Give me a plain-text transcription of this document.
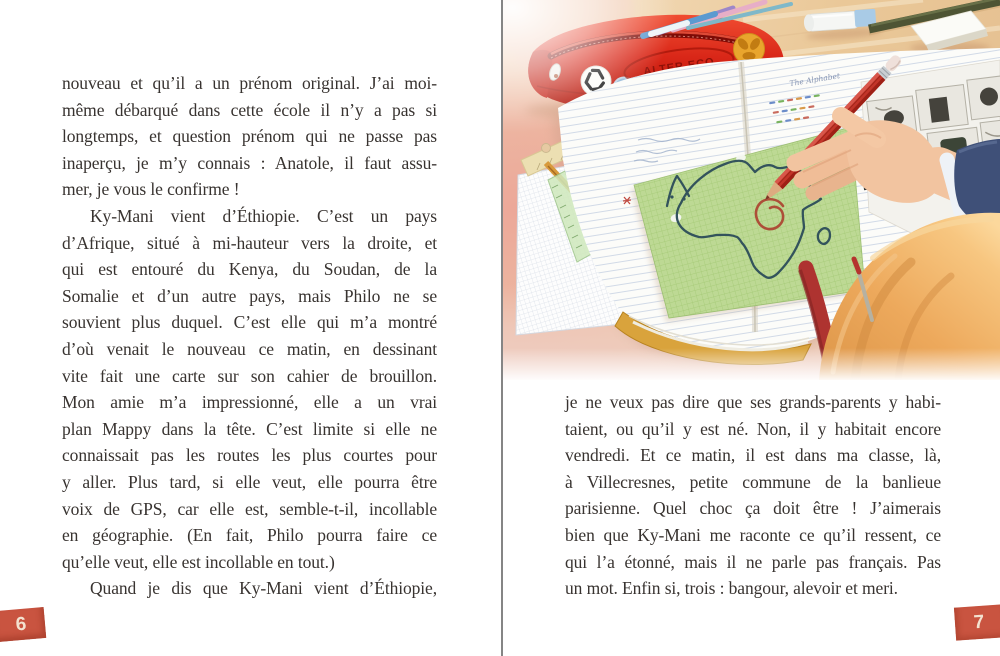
nouveau et qu’il a un prénom original. J’ai moi-
même débarqué dans cette école il n’y a pas si
longtemps, et question prénom qui ne passe pas
inaperçu, je m’y connais : Anatole, il faut assu-
mer, je vous le confirme !
Ky-Mani vient d’Éthiopie. C’est un pays
d’Afrique, situé à mi-hauteur vers la droite, et
qui est entouré du Kenya, du Soudan, de la
Somalie et d’un autre pays, mais Philo ne se
souvient plus duquel. C’est elle qui m’a montré
d’où venait le nouveau ce matin, en dessinant
vite fait une carte sur son cahier de brouillon.
Mon amie m’a impressionné, elle a un vrai
plan Mappy dans la tête. C’est limite si elle ne
connaissait pas les routes les plus courtes pour
y aller. Plus tard, si elle veut, elle pourra être
voix de GPS, car elle est, semble-t-il, incollable
en géographie. (En fait, Philo pourra faire ce
qu’elle veut, elle est incollable en tout.)
Quand je dis que Ky-Mani vient d’Éthiopie,
6
je ne veux pas dire que ses grands-parents y habi-
taient, ou qu’il y est né. Non, il y habitait encore
vendredi. Et ce matin, il est dans ma classe, là,
à Villecresnes, petite commune de la banlieue
parisienne. Quel choc ça doit être ! J’aimerais
bien que Ky-Mani me raconte ce qu’il ressent, ce
qui l’a étonné, mais il ne parle pas français. Pas
un mot. Enfin si, trois : bangour, alevoir et meri.
7
